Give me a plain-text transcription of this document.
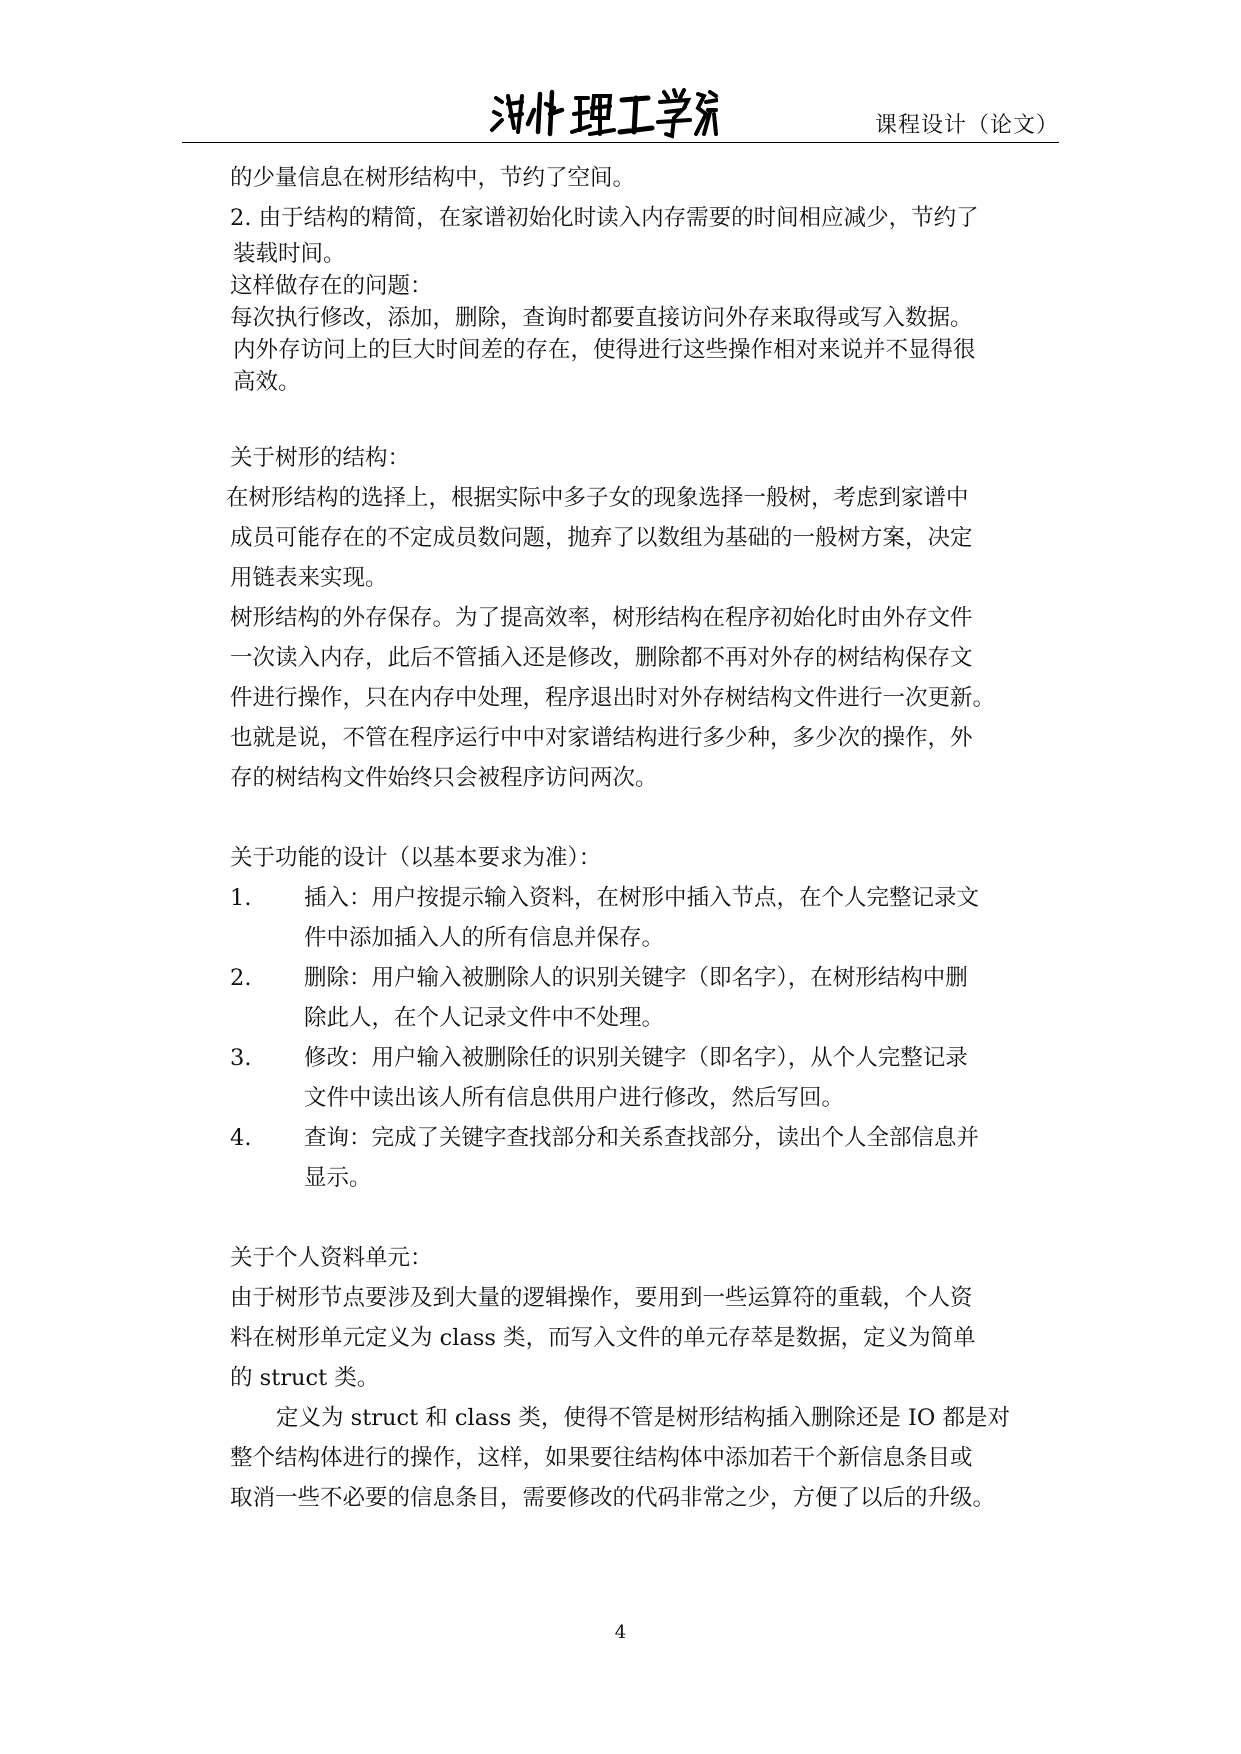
课程设计（论文）

的少量信息在树形结构中，节约了空间。

2. 由于结构的精简，在家谱初始化时读入内存需要的时间相应减少，节约了

装载时间。

这样做存在的问题：

每次执行修改，添加，删除，查询时都要直接访问外存来取得或写入数据。

内外存访问上的巨大时间差的存在，使得进行这些操作相对来说并不显得很

高效。

关于树形的结构：

在树形结构的选择上，根据实际中多子女的现象选择一般树，考虑到家谱中

成员可能存在的不定成员数问题，抛弃了以数组为基础的一般树方案，决定

用链表来实现。

树形结构的外存保存。为了提高效率，树形结构在程序初始化时由外存文件

一次读入内存，此后不管插入还是修改，删除都不再对外存的树结构保存文

件进行操作，只在内存中处理，程序退出时对外存树结构文件进行一次更新。

也就是说，不管在程序运行中中对家谱结构进行多少种，多少次的操作，外

存的树结构文件始终只会被程序访问两次。

关于功能的设计（以基本要求为准）：

1.	插入：用户按提示输入资料，在树形中插入节点，在个人完整记录文
件中添加插入人的所有信息并保存。
2.	删除：用户输入被删除人的识别关键字（即名字），在树形结构中删
除此人，在个人记录文件中不处理。
3.	修改：用户输入被删除任的识别关键字（即名字），从个人完整记录
文件中读出该人所有信息供用户进行修改，然后写回。
4.	查询：完成了关键字查找部分和关系查找部分，读出个人全部信息并
显示。

关于个人资料单元：

由于树形节点要涉及到大量的逻辑操作，要用到一些运算符的重载，个人资

料在树形单元定义为 class 类，而写入文件的单元存萃是数据，定义为简单

的 struct 类。

定义为 struct 和 class 类，使得不管是树形结构插入删除还是 IO 都是对

整个结构体进行的操作，这样，如果要往结构体中添加若干个新信息条目或

取消一些不必要的信息条目，需要修改的代码非常之少，方便了以后的升级。

4
